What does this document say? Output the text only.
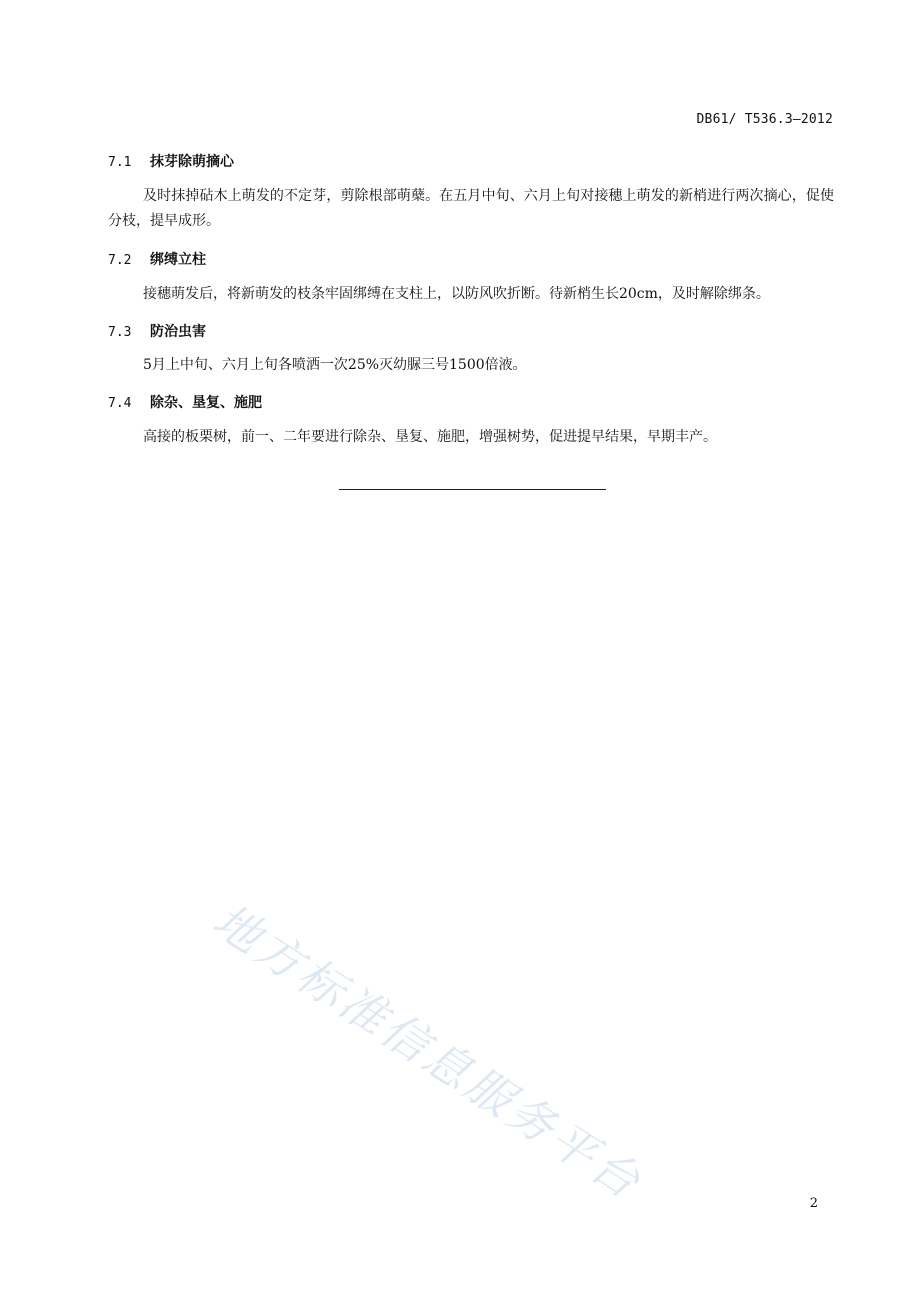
DB61/ T536.3—2012
7.1	抹芽除萌摘心
及时抹掉砧木上萌发的不定芽，剪除根部萌蘖。在五月中旬、六月上旬对接穗上萌发的新梢进行两次摘心，促使分枝，提早成形。
7.2	绑缚立柱
接穗萌发后，将新萌发的枝条牢固绑缚在支柱上，以防风吹折断。待新梢生长20cm，及时解除绑条。
7.3	防治虫害
5月上中旬、六月上旬各喷洒一次25%灭幼脲三号1500倍液。
7.4	除杂、垦复、施肥
高接的板栗树，前一、二年要进行除杂、垦复、施肥，增强树势，促进提早结果，早期丰产。
地方标准信息服务平台	2
